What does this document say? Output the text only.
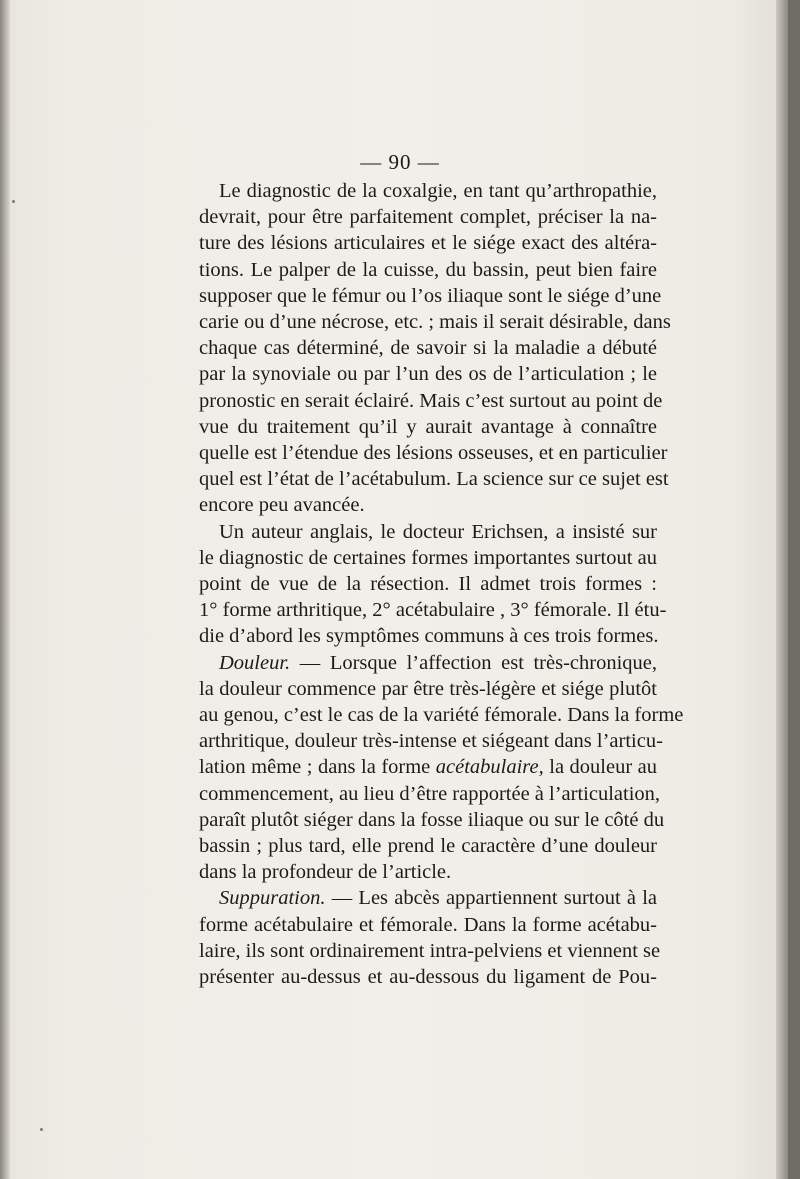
— 90 —
Le diagnostic de la coxalgie, en tant qu’arthropathie,
devrait, pour être parfaitement complet, préciser la na-
ture des lésions articulaires et le siége exact des altéra-
tions. Le palper de la cuisse, du bassin, peut bien faire
supposer que le fémur ou l’os iliaque sont le siége d’une
carie ou d’une nécrose, etc. ; mais il serait désirable, dans
chaque cas déterminé, de savoir si la maladie a débuté
par la synoviale ou par l’un des os de l’articulation ; le
pronostic en serait éclairé. Mais c’est surtout au point de
vue du traitement qu’il y aurait avantage à connaître
quelle est l’étendue des lésions osseuses, et en particulier
quel est l’état de l’acétabulum. La science sur ce sujet est
encore peu avancée.
Un auteur anglais, le docteur Erichsen, a insisté sur
le diagnostic de certaines formes importantes surtout au
point de vue de la résection. Il admet trois formes :
1° forme arthritique, 2° acétabulaire , 3° fémorale. Il étu-
die d’abord les symptômes communs à ces trois formes.
Douleur. — Lorsque l’affection est très-chronique,
la douleur commence par être très-légère et siége plutôt
au genou, c’est le cas de la variété fémorale. Dans la forme
arthritique, douleur très-intense et siégeant dans l’articu-
lation même ; dans la forme acétabulaire, la douleur au
commencement, au lieu d’être rapportée à l’articulation,
paraît plutôt siéger dans la fosse iliaque ou sur le côté du
bassin ; plus tard, elle prend le caractère d’une douleur
dans la profondeur de l’article.
Suppuration. — Les abcès appartiennent surtout à la
forme acétabulaire et fémorale. Dans la forme acétabu-
laire, ils sont ordinairement intra-pelviens et viennent se
présenter au-dessus et au-dessous du ligament de Pou-
